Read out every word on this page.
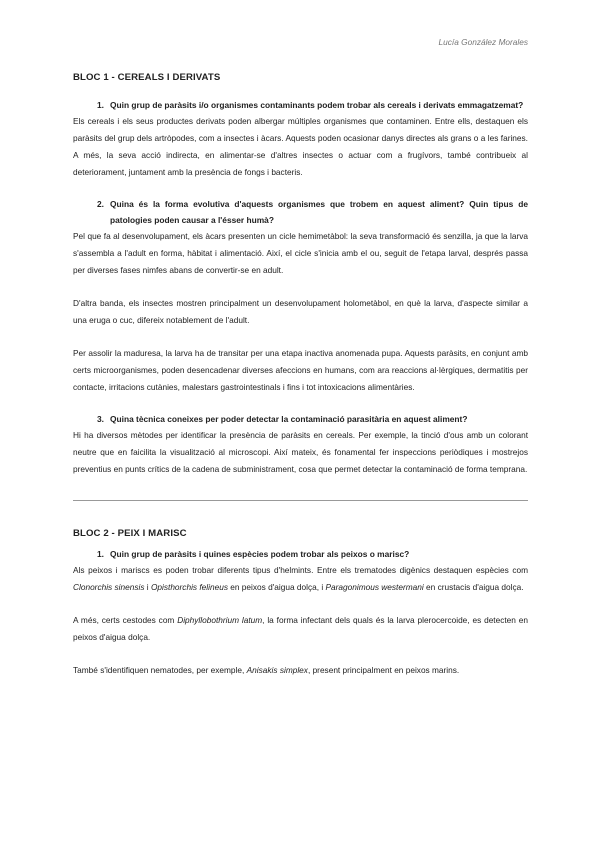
Lucía González Morales
BLOC 1 - CEREALS I DERIVATS
1. Quin grup de paràsits i/o organismes contaminants podem trobar als cereals i derivats emmagatzemat?

Els cereals i els seus productes derivats poden albergar múltiples organismes que contaminen. Entre ells, destaquen els paràsits del grup dels artròpodes, com a insectes i àcars. Aquests poden ocasionar danys directes als grans o a les farines. A més, la seva acció indirecta, en alimentar-se d'altres insectes o actuar com a frugívors, també contribueix al deteriorament, juntament amb la presència de fongs i bacteris.

2. Quina és la forma evolutiva d'aquests organismes que trobem en aquest aliment? Quin tipus de patologies poden causar a l'ésser humà?

Pel que fa al desenvolupament, els àcars presenten un cicle hemimetàbol: la seva transformació és senzilla, ja que la larva s'assembla a l'adult en forma, hàbitat i alimentació. Així, el cicle s'inicia amb el ou, seguit de l'etapa larval, després passa per diverses fases nimfes abans de convertir-se en adult.

D'altra banda, els insectes mostren principalment un desenvolupament holometàbol, en què la larva, d'aspecte similar a una eruga o cuc, difereix notablement de l'adult.

Per assolir la maduresa, la larva ha de transitar per una etapa inactiva anomenada pupa. Aquests paràsits, en conjunt amb certs microorganismes, poden desencadenar diverses afeccions en humans, com ara reaccions al·lèrgiques, dermatitis per contacte, irritacions cutànies, malestars gastrointestinals i fins i tot intoxicacions alimentàries.

3. Quina tècnica coneixes per poder detectar la contaminació parasitària en aquest aliment?

Hi ha diversos mètodes per identificar la presència de paràsits en cereals. Per exemple, la tinció d'ous amb un colorant neutre que en faicilita la visualització al microscopi. Així mateix, és fonamental fer inspeccions periòdiques i mostrejos preventius en punts crítics de la cadena de subministrament, cosa que permet detectar la contaminació de forma temprana.

BLOC 2 - PEIX I MARISC
1. Quin grup de paràsits i quines espècies podem trobar als peixos o marisc?

Als peixos i mariscs es poden trobar diferents tipus d'helmints. Entre els trematodes digènics destaquen espècies com Clonorchis sinensis i Opisthorchis felineus en peixos d'aigua dolça, i Paragonimous westermani en crustacis d'aigua dolça.

A més, certs cestodes com Diphyllobothrium latum, la forma infectant dels quals és la larva plerocercoide, es detecten en peixos d'aigua dolça.

També s'identifiquen nematodes, per exemple, Anisakis simplex, present principalment en peixos marins.
